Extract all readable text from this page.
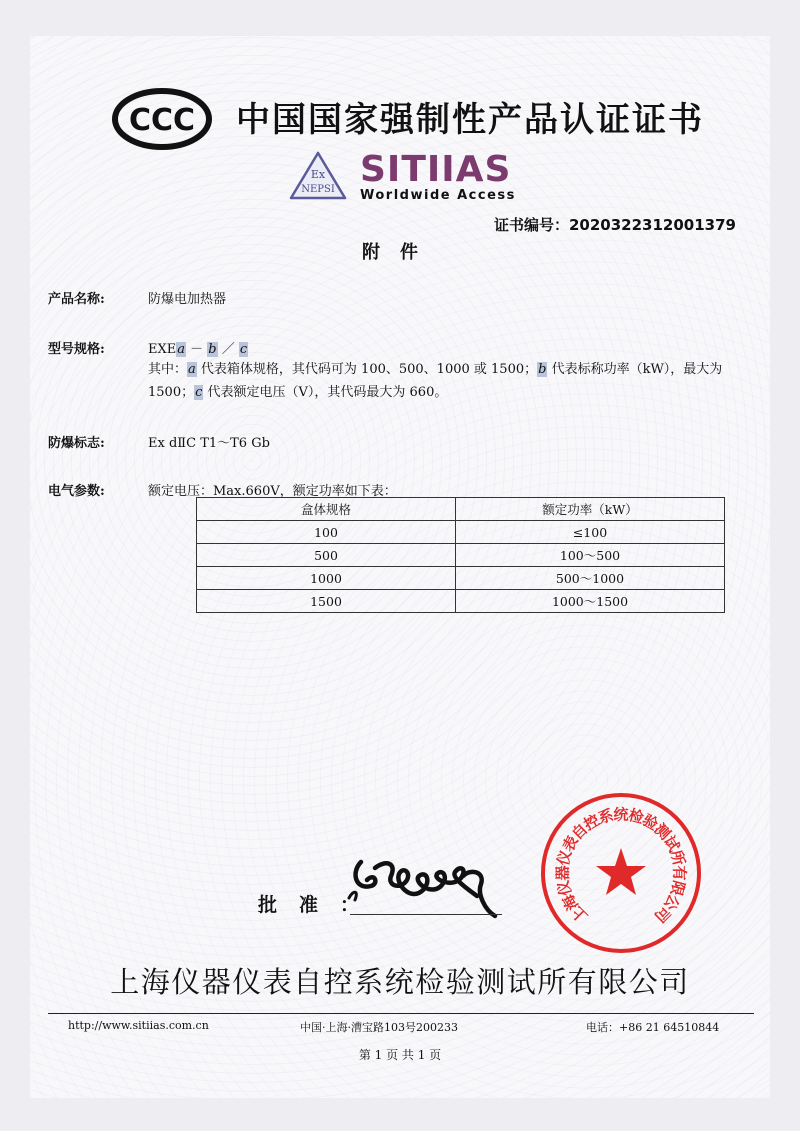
CCC 中国国家强制性产品认证证书
Ex
NEPSI SITIIAS
Worldwide Access
证书编号：2020322312001379
附件
产品名称:	防爆电加热器
型号规格:	EXEa － b ／ c
其中：a 代表箱体规格，其代码可为 100、500、1000 或 1500；b 代表标称功率（kW），最大为 1500；c 代表额定电压（V），其代码最大为 660。
防爆标志:	Ex dⅡC T1～T6 Gb
电气参数:	额定电压：Max.660V，额定功率如下表：
盒体规格	额定功率（kW）
100	≤100
500	100～500
1000	500～1000
1500	1000～1500
批准：	上
海
仪
器
仪
表
自
控
系
统
检
验
测
试
所
有
限
公
司
上海仪器仪表自控系统检验测试所有限公司
http://www.sitiias.com.cn	中国·上海·漕宝路103号200233	电话：+86 21 64510844
第 1 页 共 1 页
